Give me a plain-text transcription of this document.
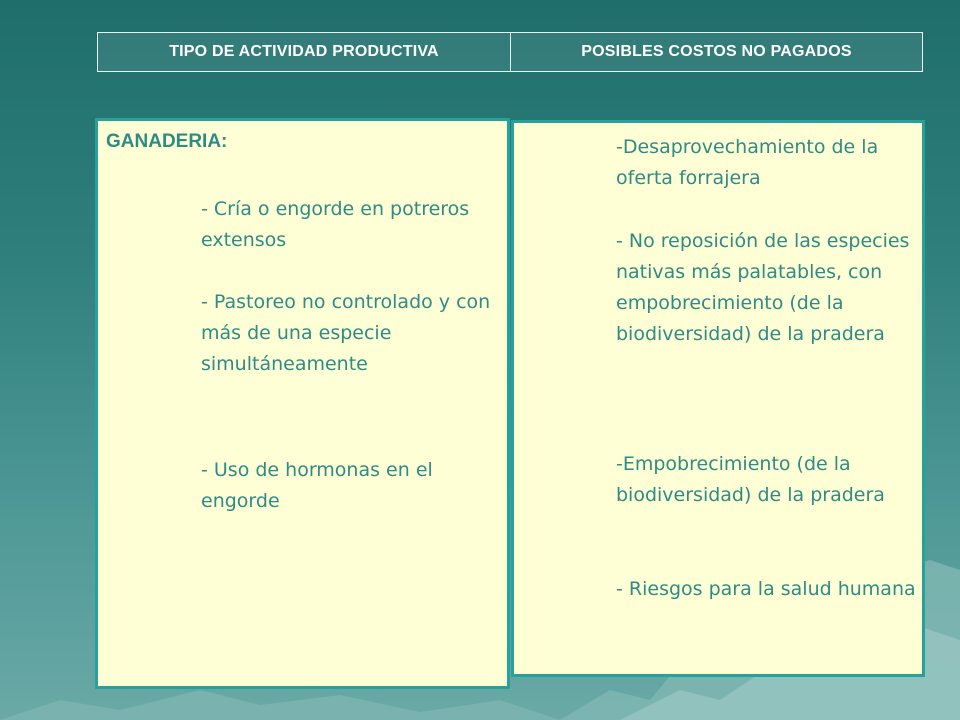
TIPO DE ACTIVIDAD PRODUCTIVA	POSIBLES COSTOS NO PAGADOS
GANADERIA:
- Cría o engorde en potreros extensos
- Pastoreo no controlado y con más de una especie simultáneamente
- Uso de hormonas en el engorde
-Desaprovechamiento de la oferta forrajera
- No reposición de las especies nativas más palatables, con empobrecimiento (de la biodiversidad) de la pradera
-Empobrecimiento (de la biodiversidad) de la pradera
- Riesgos para la salud humana
